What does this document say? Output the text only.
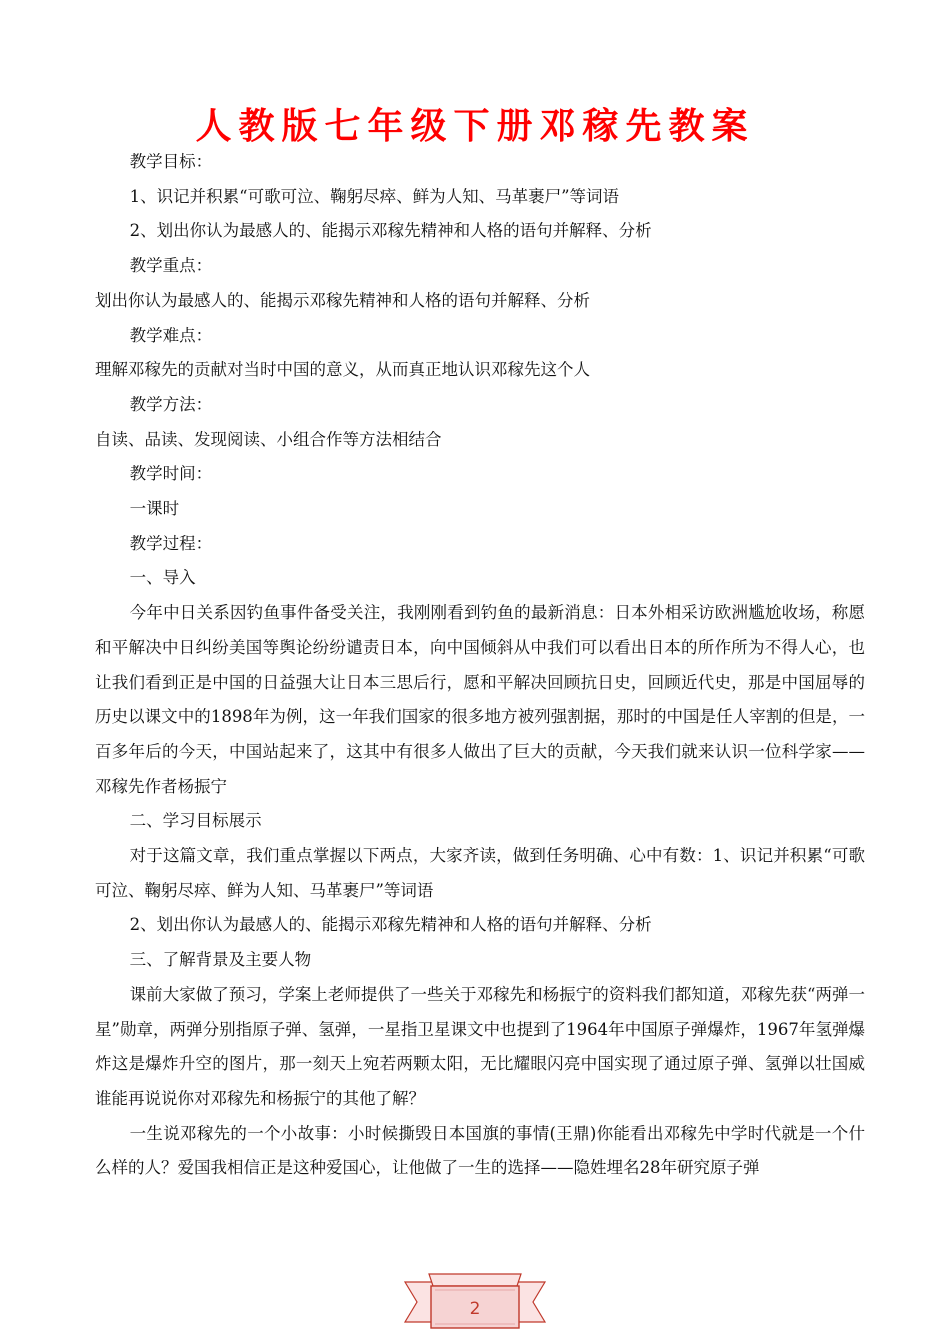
人教版七年级下册邓稼先教案

教学目标：

1、识记并积累“可歌可泣、鞠躬尽瘁、鲜为人知、马革裹尸”等词语

2、划出你认为最感人的、能揭示邓稼先精神和人格的语句并解释、分析

教学重点：

划出你认为最感人的、能揭示邓稼先精神和人格的语句并解释、分析

教学难点：

理解邓稼先的贡献对当时中国的意义，从而真正地认识邓稼先这个人

教学方法：

自读、品读、发现阅读、小组合作等方法相结合

教学时间：

一课时

教学过程：

一、导入

今年中日关系因钓鱼事件备受关注，我刚刚看到钓鱼的最新消息：日本外相采访欧洲尴尬收场，称愿和平解决中日纠纷美国等舆论纷纷谴责日本，向中国倾斜从中我们可以看出日本的所作所为不得人心，也让我们看到正是中国的日益强大让日本三思后行，愿和平解决回顾抗日史，回顾近代史，那是中国屈辱的历史以课文中的1898年为例，这一年我们国家的很多地方被列强割据，那时的中国是任人宰割的但是，一百多年后的今天，中国站起来了，这其中有很多人做出了巨大的贡献，今天我们就来认识一位科学家——邓稼先作者杨振宁

二、学习目标展示

对于这篇文章，我们重点掌握以下两点，大家齐读，做到任务明确、心中有数：1、识记并积累“可歌可泣、鞠躬尽瘁、鲜为人知、马革裹尸”等词语

2、划出你认为最感人的、能揭示邓稼先精神和人格的语句并解释、分析

三、了解背景及主要人物

课前大家做了预习，学案上老师提供了一些关于邓稼先和杨振宁的资料我们都知道，邓稼先获“两弹一星”勋章，两弹分别指原子弹、氢弹，一星指卫星课文中也提到了1964年中国原子弹爆炸，1967年氢弹爆炸这是爆炸升空的图片，那一刻天上宛若两颗太阳，无比耀眼闪亮中国实现了通过原子弹、氢弹以壮国威谁能再说说你对邓稼先和杨振宁的其他了解？

一生说邓稼先的一个小故事：小时候撕毁日本国旗的事情(王鼎)你能看出邓稼先中学时代就是一个什么样的人？爱国我相信正是这种爱国心，让他做了一生的选择——隐姓埋名28年研究原子弹

2
